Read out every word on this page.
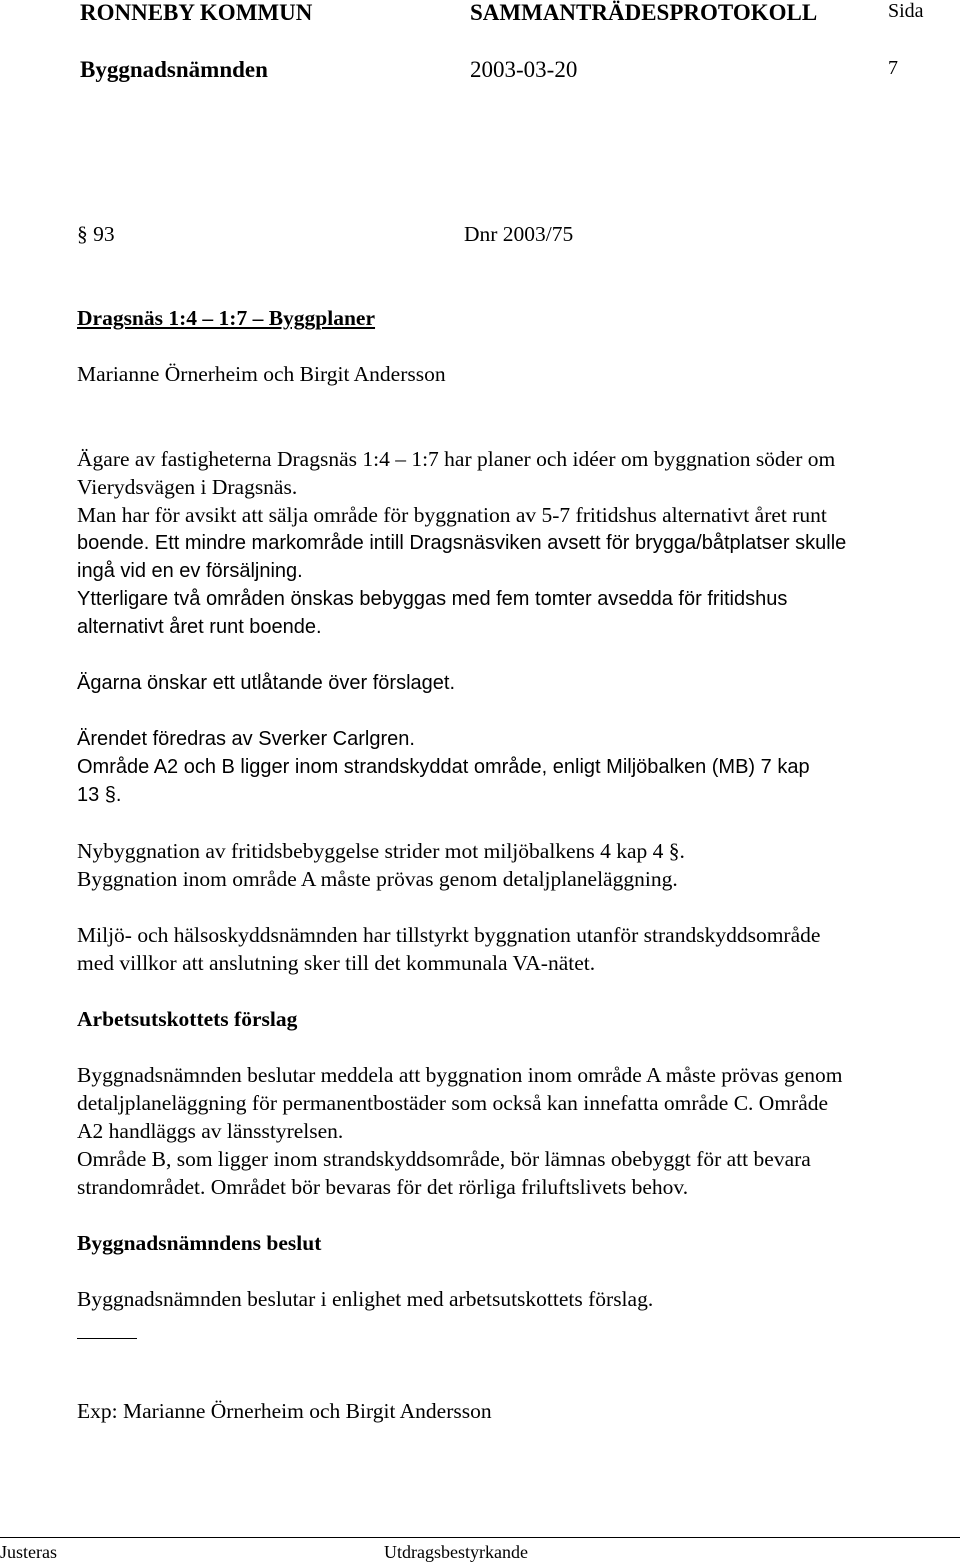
RONNEBY KOMMUN	SAMMANTRÄDESPROTOKOLL	Sida
Byggnadsnämnden	2003-03-20	7
§ 93	Dnr 2003/75
Dragsnäs 1:4 – 1:7 – Byggplaner
Marianne Örnerheim och Birgit Andersson
Ägare av fastigheterna Dragsnäs 1:4 – 1:7 har planer och idéer om byggnation söder om
Vierydsvägen i Dragsnäs.
Man har för avsikt att sälja område för byggnation av 5-7 fritidshus alternativt året runt
boende. Ett mindre markområde intill Dragsnäsviken avsett för brygga/båtplatser skulle
ingå vid en ev försäljning.
Ytterligare två områden önskas bebyggas med fem tomter avsedda för fritidshus
alternativt året runt boende.
Ägarna önskar ett utlåtande över förslaget.
Ärendet föredras av Sverker Carlgren.
Område A2 och B ligger inom strandskyddat område, enligt Miljöbalken (MB) 7 kap
13 §.
Nybyggnation av fritidsbebyggelse strider mot miljöbalkens 4 kap 4 §.
Byggnation inom område A måste prövas genom detaljplaneläggning.
Miljö- och hälsoskyddsnämnden har tillstyrkt byggnation utanför strandskyddsområde
med villkor att anslutning sker till det kommunala VA-nätet.
Arbetsutskottets förslag
Byggnadsnämnden beslutar meddela att byggnation inom område A måste prövas genom
detaljplaneläggning för permanentbostäder som också kan innefatta område C. Område
A2 handläggs av länsstyrelsen.
Område B, som ligger inom strandskyddsområde, bör lämnas obebyggt för att bevara
strandområdet. Området bör bevaras för det rörliga friluftslivets behov.
Byggnadsnämndens beslut
Byggnadsnämnden beslutar i enlighet med arbetsutskottets förslag.
Exp: Marianne Örnerheim och Birgit Andersson
Justeras	Utdragsbestyrkande
